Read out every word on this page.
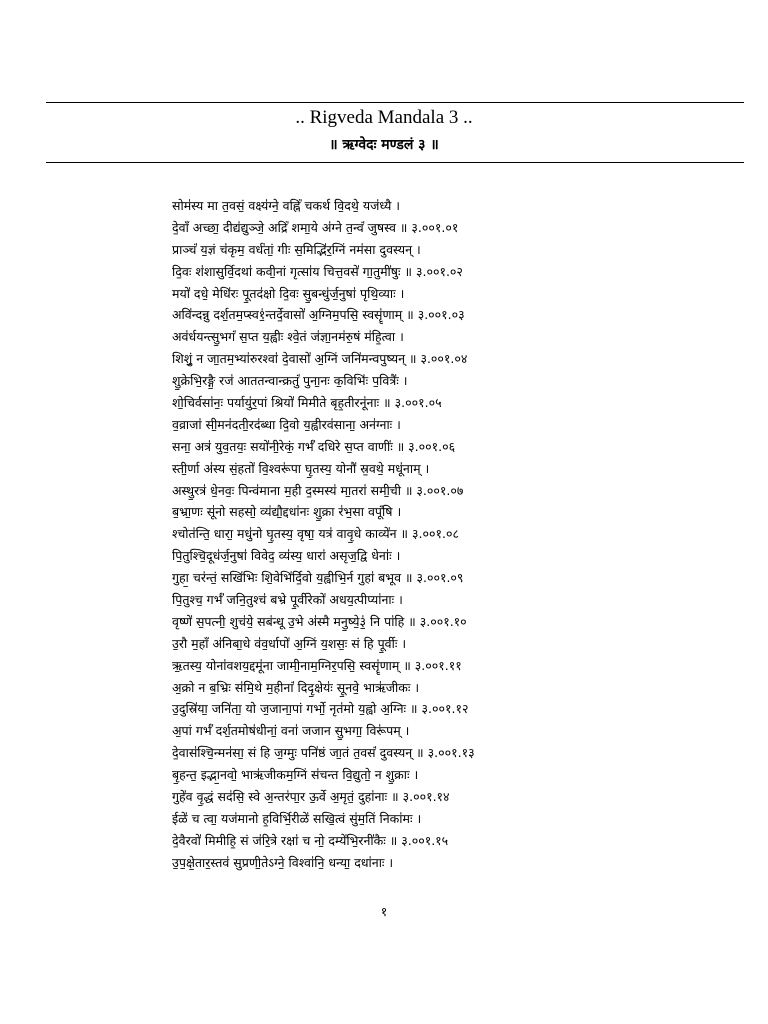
.. Rigveda Mandala 3 ..
॥ ऋग्वेदः मण्डलं ३ ॥
सोम॑स्य मा त॒वसं॒ वक्ष्य॑ग्ने॒ वह्निं॑ चकर्थ वि॒दथे॒ यज॑ध्यै ।
दे॒वाँ अच्छा॒ दीद्य॑द्युञ्जे॒ अद्रिं॑ शमा॒ये अ॑ग्ने त॒न्वं॑ जुषस्व ॥ ३.००१.०१
प्राञ्चं॑ य॒ज्ञं च॑कृम॒ वर्ध॑तां॒ गीः स॒मिद्भि॑र॒ग्निं नम॑सा दुवस्यन् ।
दि॒वः श॑शासुर्वि॒दथा॑ कवी॒नां गृत्सा॑य चित्त॒वसे॑ गा॒तुमी॑षुः ॥ ३.००१.०२
मयो॑ दधे॒ मेधि॑रः पू॒तद॑क्षो दि॒वः सु॒बन्धु॑र्ज॒नुषा॑ पृथि॒व्याः ।
अवि॑न्दन्नु दर्श॒तम॒प्स्व१॒॑न्तर्दे॒वासो॑ अ॒ग्निम॒पसि॒ स्वसॄ॑णाम् ॥ ३.००१.०३
अव॑र्धयन्त्सु॒भगं॑ स॒प्त य॒ह्वीः श्वे॒तं ज॑ज्ञा॒नम॑रु॒षं म॑हि॒त्वा ।
शिशुं॒ न जा॒तम॒भ्या॑रुरश्वा॑ दे॒वासो॑ अ॒ग्निं जनि॑मन्वपुष्यन् ॥ ३.००१.०४
शु॒क्रेभि॒रङ्गै॒ रज॑ आततन्वान्क्रतुं॑ पुना॒नः क॒विभिः॑ प॒वित्रैः॑ ।
शो॒चिर्वसा॑नः॒ पर्यायु॑र॒पां श्रियो॑ मिमीते बृह॒तीरनू॑नाः ॥ ३.००१.०५
व॒व्राजा॑ सी॒मन॑दती॒रद॑ब्धा दि॒वो य॒ह्वीरव॑साना॒ अन॑ग्नाः ।
सना॒ अत्र॑ युव॒तयः॒ सयो॑नी॒रेकं॒ गर्भं॑ दधिरे स॒प्त वाणीः॑ ॥ ३.००१.०६
स्ती॒र्णा अ॑स्य सं॒हतो॑ वि॒श्वरू॑पा घृ॒तस्य॒ योनौ॑ स्र॒वथे॒ मधू॑नाम् ।
अस्थु॒रत्र॑ धे॒नवः॒ पिन्व॑माना म॒ही द॒स्मस्य॑ मा॒तरा॑ समी॒ची ॥ ३.००१.०७
ब॒भ्रा॒णः सू॑नो सहसो॒ व्य॑द्यौ॒द्दधा॑नः शु॒क्रा र॑भ॒सा वपूं॑षि ।
श्चोत॑न्ति॒ धारा॒ मधु॑नो घृ॒तस्य॒ वृषा॒ यत्र॑ वावृ॒धे काव्ये॑न ॥ ३.००१.०८
पि॒तुश्चि॒दूध॑र्ज॒नुषा॑ विवेद॒ व्य॑स्य॒ धारा॑ असृज॒द्वि धेनाः॑ ।
गुहा॒ चर॑न्तं॒ सखि॑भिः शि॒वेभि॑र्दि॒वो य॒ह्वीभि॒र्न गुहा॑ बभूव ॥ ३.००१.०९
पि॒तुश्च॒ गर्भं॑ जनि॒तुश्च॑ बभ्रे पू॒र्वीरेको॑ अधय॒त्पीप्या॑नाः ।
वृष्णे॑ स॒पत्नी॒ शुच॑ये॒ सब॑न्धू उ॒भे अ॑स्मै मनु॒ष्ये॒३॒॑ नि पा॑हि ॥ ३.००१.१०
उ॒रौ म॒हाँ अ॑निबा॒धे व॑व॒र्धापो॑ अ॒ग्निं य॒शसः॒ सं हि पू॒र्वीः ।
ऋ॒तस्य॒ योना॑वशय॒द्दमू॑ना जामी॒नाम॒ग्निर॒पसि॒ स्वसॄ॑णाम् ॥ ३.००१.११
अ॒क्रो न ब॒भ्रिः स॑मि॒थे म॒हीनां॑ दिदृ॒क्षेयः॑ सू॒नवे॒ भाऋ॑जीकः ।
उ॒दुस्रि॑या॒ जनि॑ता॒ यो ज॒जाना॒पां गर्भो॒ नृत॑मो य॒ह्वो अ॒ग्निः ॥ ३.००१.१२
अ॒पां गर्भं॑ दर्श॒तमोष॑धीनां॒ वना॑ जजान सु॒भगा॒ विरू॑पम् ।
दे॒वास॑श्चि॒न्मन॑सा॒ सं हि ज॒ग्मुः पनि॑ष्ठं जा॒तं त॒वसं॑ दुवस्यन् ॥ ३.००१.१३
बृ॒हन्त॒ इद्भा॒नवो॒ भाऋ॑जीकम॒ग्निं स॑चन्त वि॒द्युतो॒ न शु॒क्राः ।
गुहे॑व वृ॒द्धं सद॑सि॒ स्वे अ॒न्तर॑पा॒र ऊ॒र्वे अ॒मृतं॒ दुहा॑नाः ॥ ३.००१.१४
ईळे॑ च त्वा॒ यज॑मानो ह॒विर्भि॒रीळे॑ सखि॒त्वं सु॑म॒तिं निका॑मः ।
दे॒वैरवो॑ मिमीहि॒ सं ज॑रि॒त्रे रक्षा॑ च नो॒ दम्ये॑भि॒रनी॑कैः ॥ ३.००१.१५
उ॒प॒क्षे॒तार॒स्तव॑ सुप्रणी॒तेऽग्ने॒ विश्वा॑नि॒ धन्या॒ दधा॑नाः ।
१
